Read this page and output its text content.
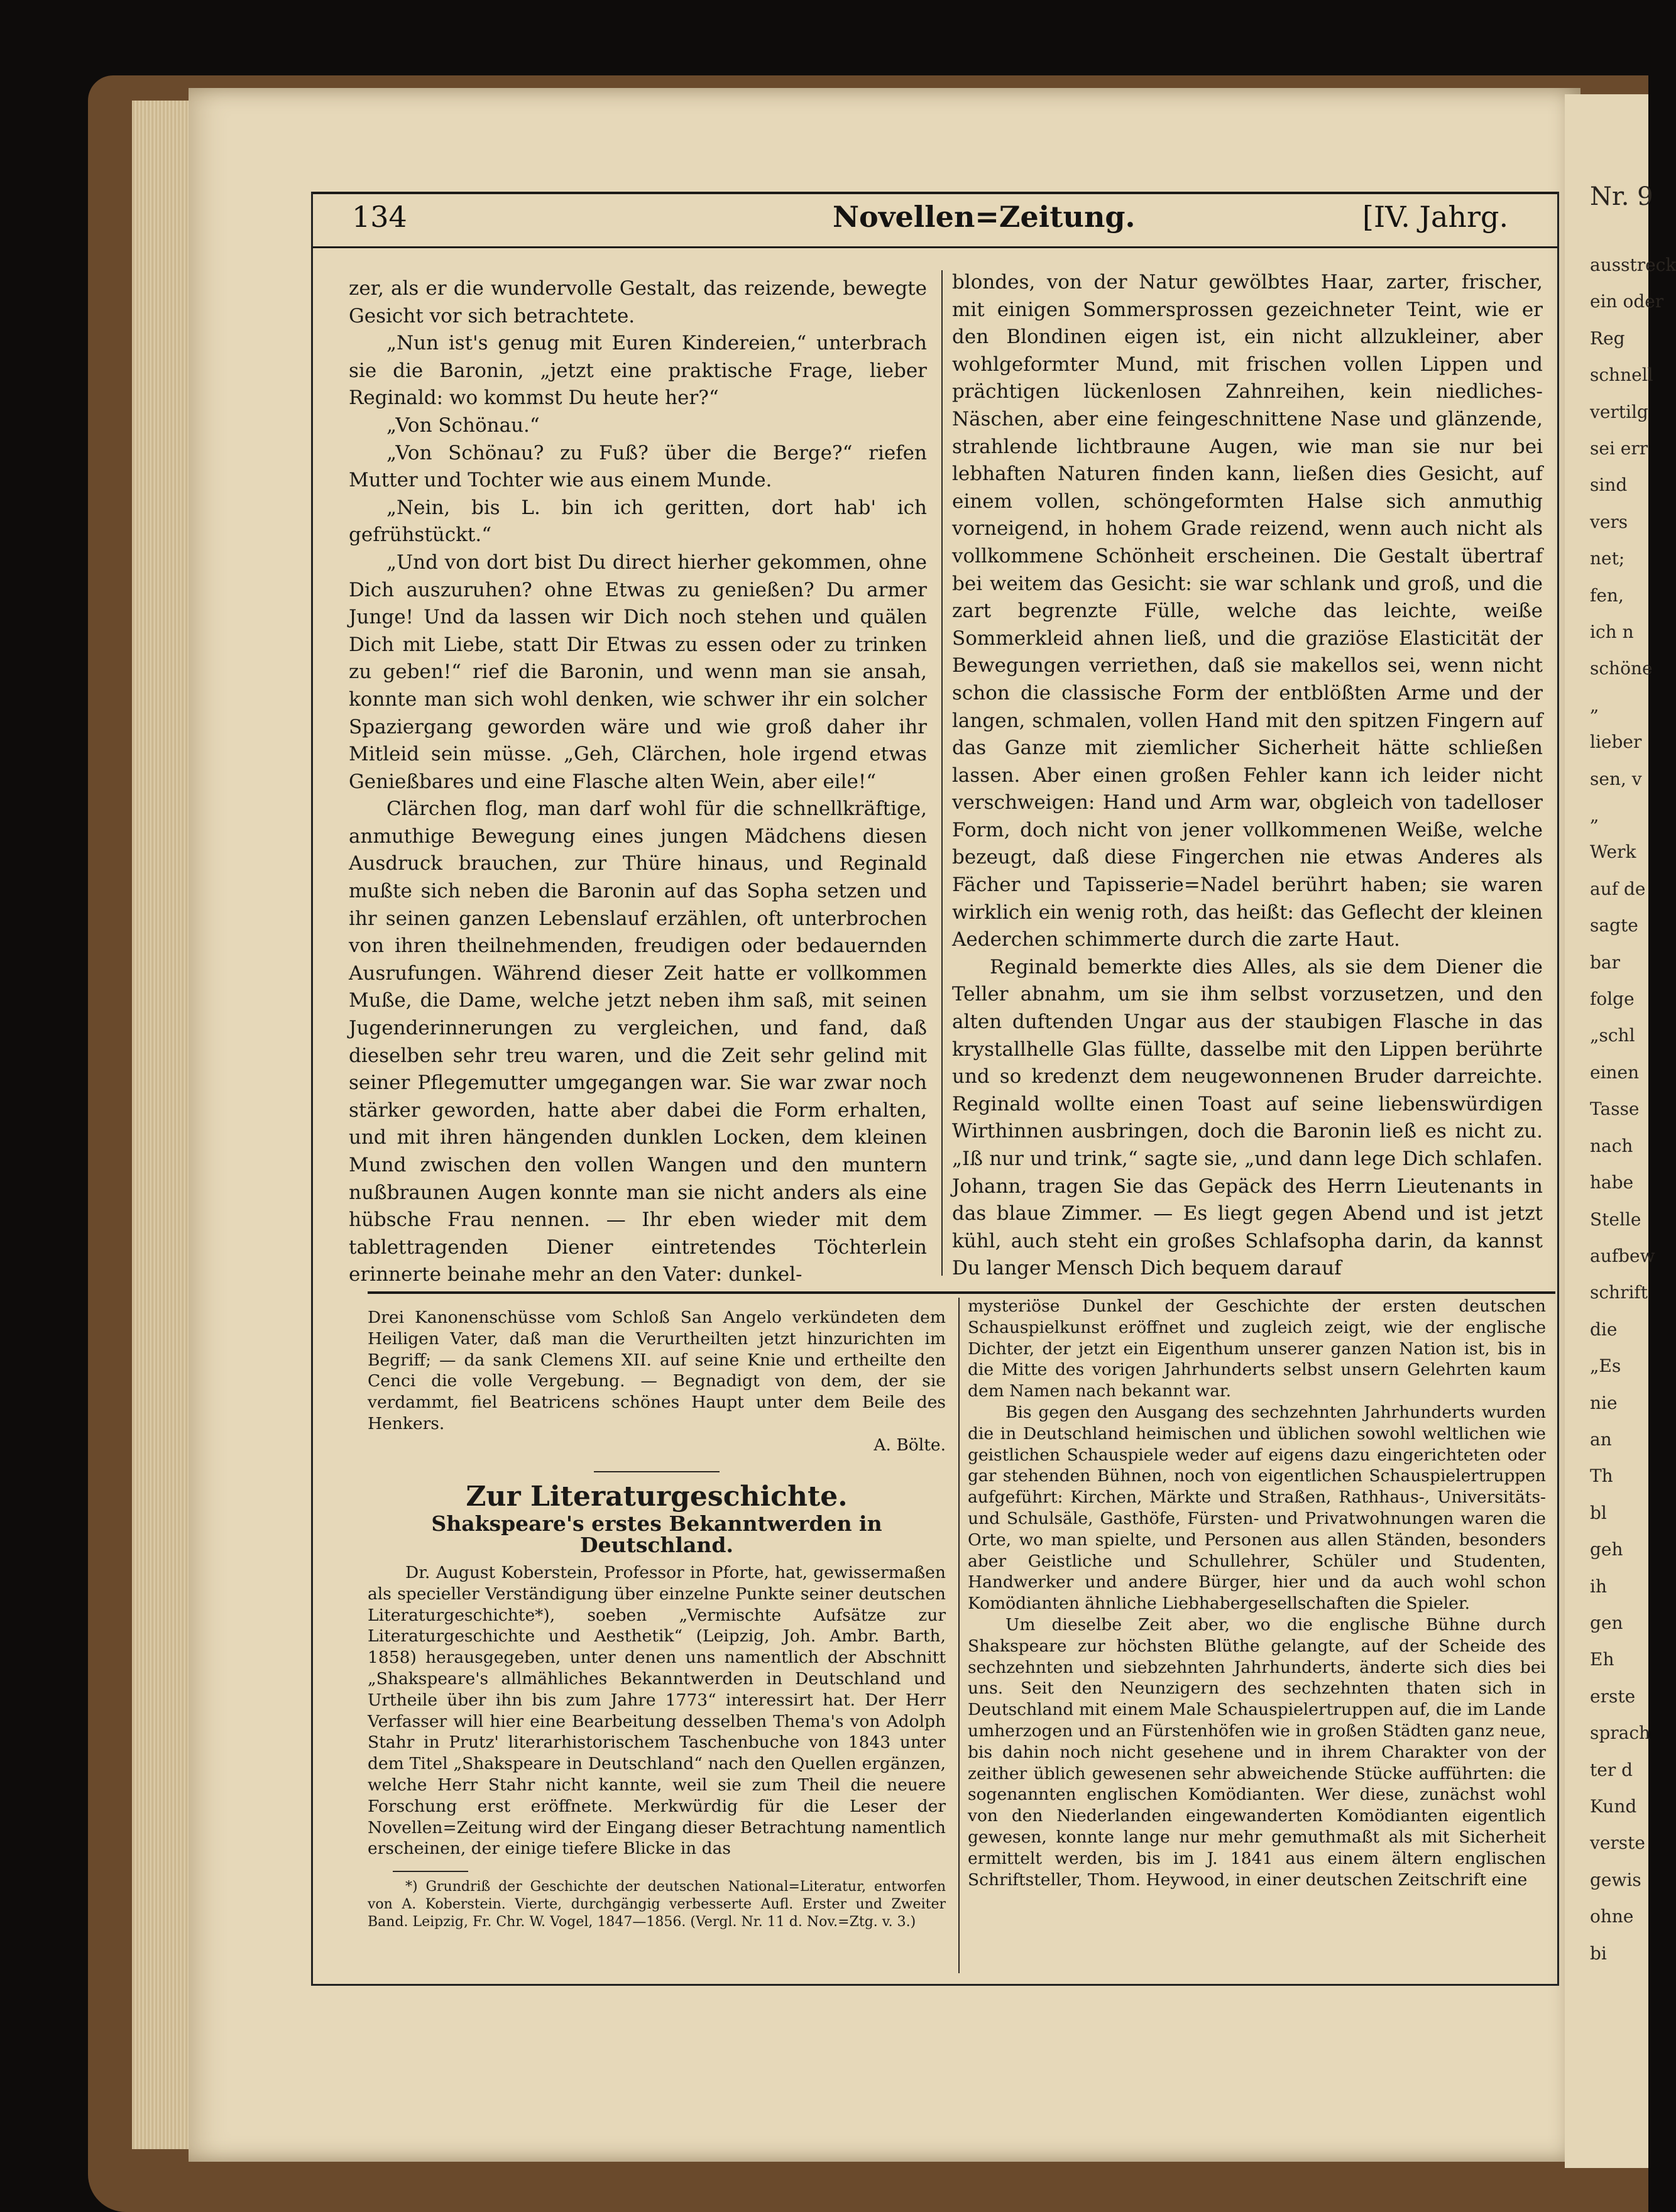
134	Novellen=Zeitung.	[IV. Jahrg.

zer, als er die wundervolle Gestalt, das reizende, bewegte Gesicht vor sich betrachtete.

„Nun ist's genug mit Euren Kindereien,“ unterbrach sie die Baronin, „jetzt eine praktische Frage, lieber Reginald: wo kommst Du heute her?“

„Von Schönau.“

„Von Schönau? zu Fuß? über die Berge?“ riefen Mutter und Tochter wie aus einem Munde.

„Nein, bis L. bin ich geritten, dort hab' ich gefrühstückt.“

„Und von dort bist Du direct hierher gekommen, ohne Dich auszuruhen? ohne Etwas zu genießen? Du armer Junge! Und da lassen wir Dich noch stehen und quälen Dich mit Liebe, statt Dir Etwas zu essen oder zu trinken zu geben!“ rief die Baronin, und wenn man sie ansah, konnte man sich wohl denken, wie schwer ihr ein solcher Spaziergang geworden wäre und wie groß daher ihr Mitleid sein müsse. „Geh, Clärchen, hole irgend etwas Genießbares und eine Flasche alten Wein, aber eile!“

Clärchen flog, man darf wohl für die schnellkräftige, anmuthige Bewegung eines jungen Mädchens diesen Ausdruck brauchen, zur Thüre hinaus, und Reginald mußte sich neben die Baronin auf das Sopha setzen und ihr seinen ganzen Lebenslauf erzählen, oft unterbrochen von ihren theilnehmenden, freudigen oder bedauernden Ausrufungen. Während dieser Zeit hatte er vollkommen Muße, die Dame, welche jetzt neben ihm saß, mit seinen Jugenderinnerungen zu vergleichen, und fand, daß dieselben sehr treu waren, und die Zeit sehr gelind mit seiner Pflegemutter umgegangen war. Sie war zwar noch stärker geworden, hatte aber dabei die Form erhalten, und mit ihren hängenden dunklen Locken, dem kleinen Mund zwischen den vollen Wangen und den muntern nußbraunen Augen konnte man sie nicht anders als eine hübsche Frau nennen. — Ihr eben wieder mit dem tablettragenden Diener eintretendes Töchterlein erinnerte beinahe mehr an den Vater: dunkel-

blondes, von der Natur gewölbtes Haar, zarter, frischer, mit einigen Sommersprossen gezeichneter Teint, wie er den Blondinen eigen ist, ein nicht allzukleiner, aber wohlgeformter Mund, mit frischen vollen Lippen und prächtigen lückenlosen Zahnreihen, kein niedliches-Näschen, aber eine feingeschnittene Nase und glänzende, strahlende lichtbraune Augen, wie man sie nur bei lebhaften Naturen finden kann, ließen dies Gesicht, auf einem vollen, schöngeformten Halse sich anmuthig vorneigend, in hohem Grade reizend, wenn auch nicht als vollkommene Schönheit erscheinen. Die Gestalt übertraf bei weitem das Gesicht: sie war schlank und groß, und die zart begrenzte Fülle, welche das leichte, weiße Sommerkleid ahnen ließ, und die graziöse Elasticität der Bewegungen verriethen, daß sie makellos sei, wenn nicht schon die classische Form der entblößten Arme und der langen, schmalen, vollen Hand mit den spitzen Fingern auf das Ganze mit ziemlicher Sicherheit hätte schließen lassen. Aber einen großen Fehler kann ich leider nicht verschweigen: Hand und Arm war, obgleich von tadelloser Form, doch nicht von jener vollkommenen Weiße, welche bezeugt, daß diese Fingerchen nie etwas Anderes als Fächer und Tapisserie=Nadel berührt haben; sie waren wirklich ein wenig roth, das heißt: das Geflecht der kleinen Aederchen schimmerte durch die zarte Haut.

Reginald bemerkte dies Alles, als sie dem Diener die Teller abnahm, um sie ihm selbst vorzusetzen, und den alten duftenden Ungar aus der staubigen Flasche in das krystallhelle Glas füllte, dasselbe mit den Lippen berührte und so kredenzt dem neugewonnenen Bruder darreichte. Reginald wollte einen Toast auf seine liebenswürdigen Wirthinnen ausbringen, doch die Baronin ließ es nicht zu. „Iß nur und trink,“ sagte sie, „und dann lege Dich schlafen. Johann, tragen Sie das Gepäck des Herrn Lieutenants in das blaue Zimmer. — Es liegt gegen Abend und ist jetzt kühl, auch steht ein großes Schlafsopha darin, da kannst Du langer Mensch Dich bequem darauf

Drei Kanonenschüsse vom Schloß San Angelo verkündeten dem Heiligen Vater, daß man die Verurtheilten jetzt hinzurichten im Begriff; — da sank Clemens XII. auf seine Knie und ertheilte den Cenci die volle Vergebung. — Begnadigt von dem, der sie verdammt, fiel Beatricens schönes Haupt unter dem Beile des Henkers.

A. Bölte.

Zur Literaturgeschichte.

Shakspeare's erstes Bekanntwerden in Deutschland.

Dr. August Koberstein, Professor in Pforte, hat, gewissermaßen als specieller Verständigung über einzelne Punkte seiner deutschen Literaturgeschichte*), soeben „Vermischte Aufsätze zur Literaturgeschichte und Aesthetik“ (Leipzig, Joh. Ambr. Barth, 1858) herausgegeben, unter denen uns namentlich der Abschnitt „Shakspeare's allmähliches Bekanntwerden in Deutschland und Urtheile über ihn bis zum Jahre 1773“ interessirt hat. Der Herr Verfasser will hier eine Bearbeitung desselben Thema's von Adolph Stahr in Prutz' literarhistorischem Taschenbuche von 1843 unter dem Titel „Shakspeare in Deutschland“ nach den Quellen ergänzen, welche Herr Stahr nicht kannte, weil sie zum Theil die neuere Forschung erst eröffnete. Merkwürdig für die Leser der Novellen=Zeitung wird der Eingang dieser Betrachtung namentlich erscheinen, der einige tiefere Blicke in das

*) Grundriß der Geschichte der deutschen National=Literatur, entworfen von A. Koberstein. Vierte, durchgängig verbesserte Aufl. Erster und Zweiter Band. Leipzig, Fr. Chr. W. Vogel, 1847—1856. (Vergl. Nr. 11 d. Nov.=Ztg. v. 3.)

mysteriöse Dunkel der Geschichte der ersten deutschen Schauspielkunst eröffnet und zugleich zeigt, wie der englische Dichter, der jetzt ein Eigenthum unserer ganzen Nation ist, bis in die Mitte des vorigen Jahrhunderts selbst unsern Gelehrten kaum dem Namen nach bekannt war.

Bis gegen den Ausgang des sechzehnten Jahrhunderts wurden die in Deutschland heimischen und üblichen sowohl weltlichen wie geistlichen Schauspiele weder auf eigens dazu eingerichteten oder gar stehenden Bühnen, noch von eigentlichen Schauspielertruppen aufgeführt: Kirchen, Märkte und Straßen, Rathhaus-, Universitäts- und Schulsäle, Gasthöfe, Fürsten- und Privatwohnungen waren die Orte, wo man spielte, und Personen aus allen Ständen, besonders aber Geistliche und Schullehrer, Schüler und Studenten, Handwerker und andere Bürger, hier und da auch wohl schon Komödianten ähnliche Liebhabergesellschaften die Spieler.

Um dieselbe Zeit aber, wo die englische Bühne durch Shakspeare zur höchsten Blüthe gelangte, auf der Scheide des sechzehnten und siebzehnten Jahrhunderts, änderte sich dies bei uns. Seit den Neunzigern des sechzehnten thaten sich in Deutschland mit einem Male Schauspielertruppen auf, die im Lande umherzogen und an Fürstenhöfen wie in großen Städten ganz neue, bis dahin noch nicht gesehene und in ihrem Charakter von der zeither üblich gewesenen sehr abweichende Stücke aufführten: die sogenannten englischen Komödianten. Wer diese, zunächst wohl von den Niederlanden eingewanderten Komödianten eigentlich gewesen, konnte lange nur mehr gemuthmaßt als mit Sicherheit ermittelt werden, bis im J. 1841 aus einem ältern englischen Schriftsteller, Thom. Heywood, in einer deutschen Zeitschrift eine

Nr. 9
ausstreck
ein oder
Reg
schnell
vertilg
sei err
sind
vers
net;
fen,
ich n
schöne
„
lieber
sen, v
„
Werk
auf de
sagte
bar
folge
„schl
einen
Tasse
nach
habe
Stelle
aufbew
schrift
die
„Es
nie
an
Th
bl
geh
ih
gen
Eh
erste
sprach
ter d
Kund
verste
gewis
ohne
bi
